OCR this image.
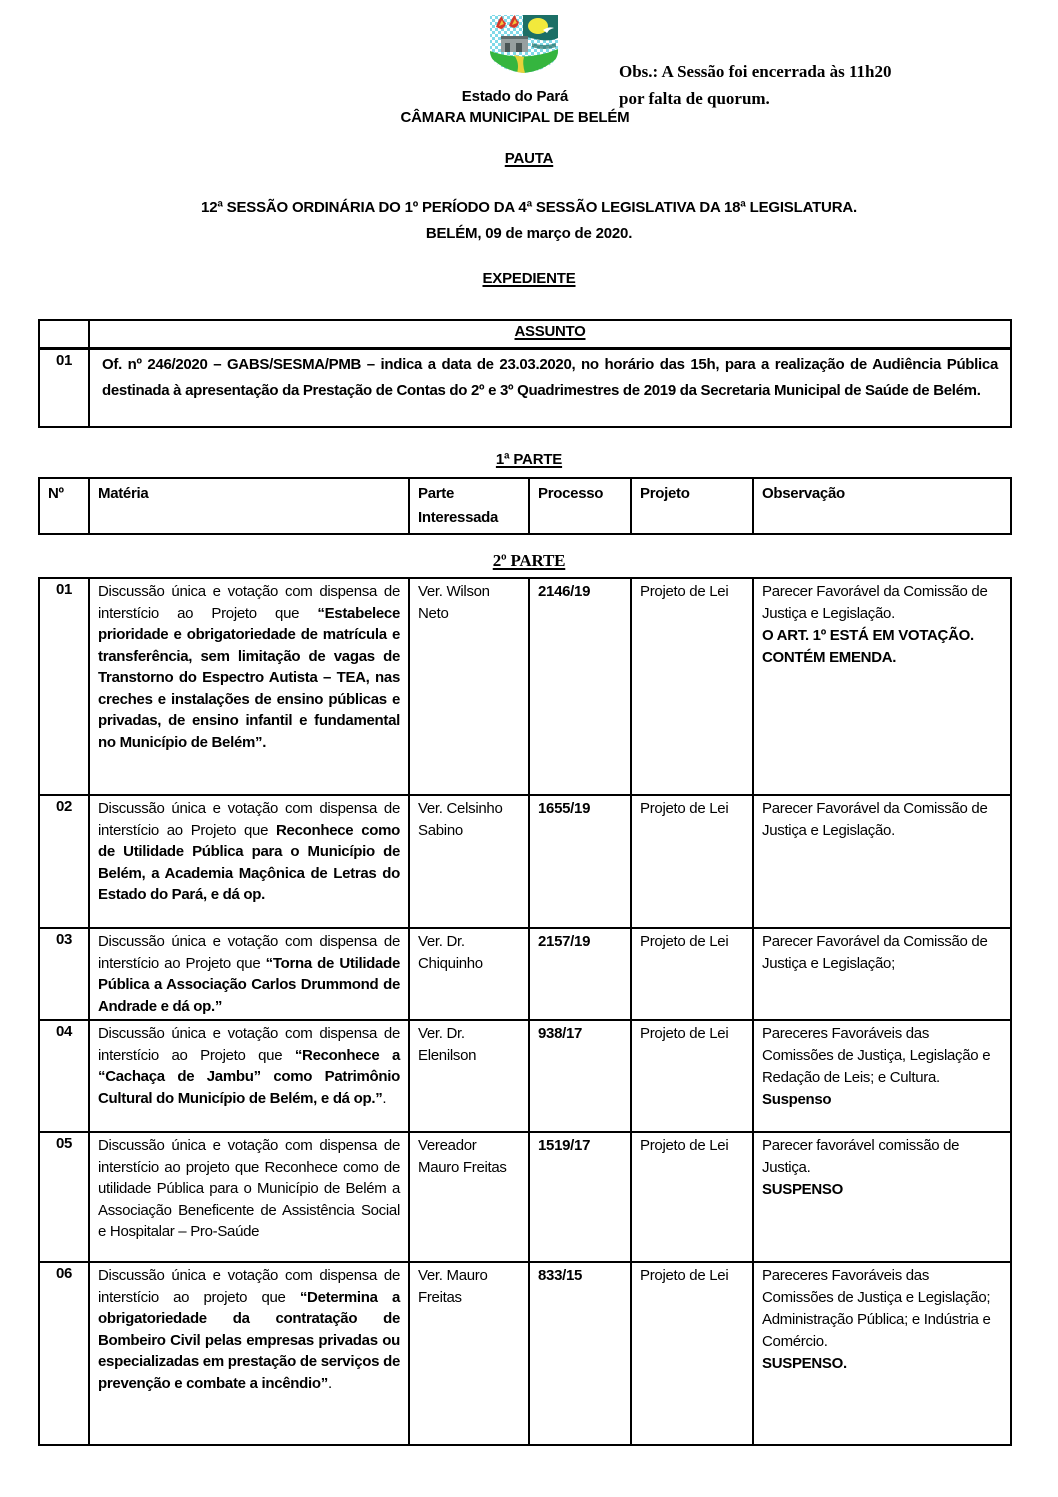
Estado do Pará
CÂMARA MUNICIPAL DE BELÉM
Obs.: A Sessão foi encerrada às 11h20
por falta de quorum.
PAUTA
12ª SESSÃO ORDINÁRIA DO 1º PERÍODO DA 4ª SESSÃO LEGISLATIVA DA 18ª LEGISLATURA.
BELÉM, 09 de março de 2020.
EXPEDIENTE
	ASSUNTO
01	Of. nº 246/2020 – GABS/SESMA/PMB – indica a data de 23.03.2020, no horário das 15h, para a realização de Audiência Pública destinada à apresentação da Prestação de Contas do 2º e 3º Quadrimestres de 2019 da Secretaria Municipal de Saúde de Belém.
1ª PARTE
Nº	Matéria	Parte Interessada	Processo	Projeto	Observação
2º PARTE
01	Discussão única e votação com dispensa de interstício ao Projeto que “Estabelece prioridade e obrigatoriedade de matrícula e transferência, sem limitação de vagas de Transtorno do Espectro Autista – TEA, nas creches e instalações de ensino públicas e privadas, de ensino infantil e fundamental no Município de Belém”.	Ver. Wilson Neto	2146/19	Projeto de Lei	Parecer Favorável da Comissão de Justiça e Legislação.
O ART. 1º ESTÁ EM VOTAÇÃO. CONTÉM EMENDA.

02	Discussão única e votação com dispensa de interstício ao Projeto que Reconhece como de Utilidade Pública para o Município de Belém, a Academia Maçônica de Letras do Estado do Pará, e dá op.	Ver. Celsinho Sabino	1655/19	Projeto de Lei	Parecer Favorável da Comissão de Justiça e Legislação.

03	Discussão única e votação com dispensa de interstício ao Projeto que “Torna de Utilidade Pública a Associação Carlos Drummond de Andrade e dá op.”	Ver. Dr. Chiquinho	2157/19	Projeto de Lei	Parecer Favorável da Comissão de Justiça e Legislação;

04	Discussão única e votação com dispensa de interstício ao Projeto que “Reconhece a “Cachaça de Jambu” como Patrimônio Cultural do Município de Belém, e dá op.”.	Ver. Dr. Elenilson	938/17	Projeto de Lei	Pareceres Favoráveis das Comissões de Justiça, Legislação e Redação de Leis; e Cultura.
Suspenso

05	Discussão única e votação com dispensa de interstício ao projeto que Reconhece como de utilidade Pública para o Município de Belém a Associação Beneficente de Assistência Social e Hospitalar – Pro-Saúde	Vereador Mauro Freitas	1519/17	Projeto de Lei	Parecer favorável comissão de Justiça.
SUSPENSO

06	Discussão única e votação com dispensa de interstício ao projeto que “Determina a obrigatoriedade da contratação de Bombeiro Civil pelas empresas privadas ou especializadas em prestação de serviços de prevenção e combate a incêndio”.	Ver. Mauro Freitas	833/15	Projeto de Lei	Pareceres Favoráveis das Comissões de Justiça e Legislação; Administração Pública; e Indústria e Comércio.
SUSPENSO.
